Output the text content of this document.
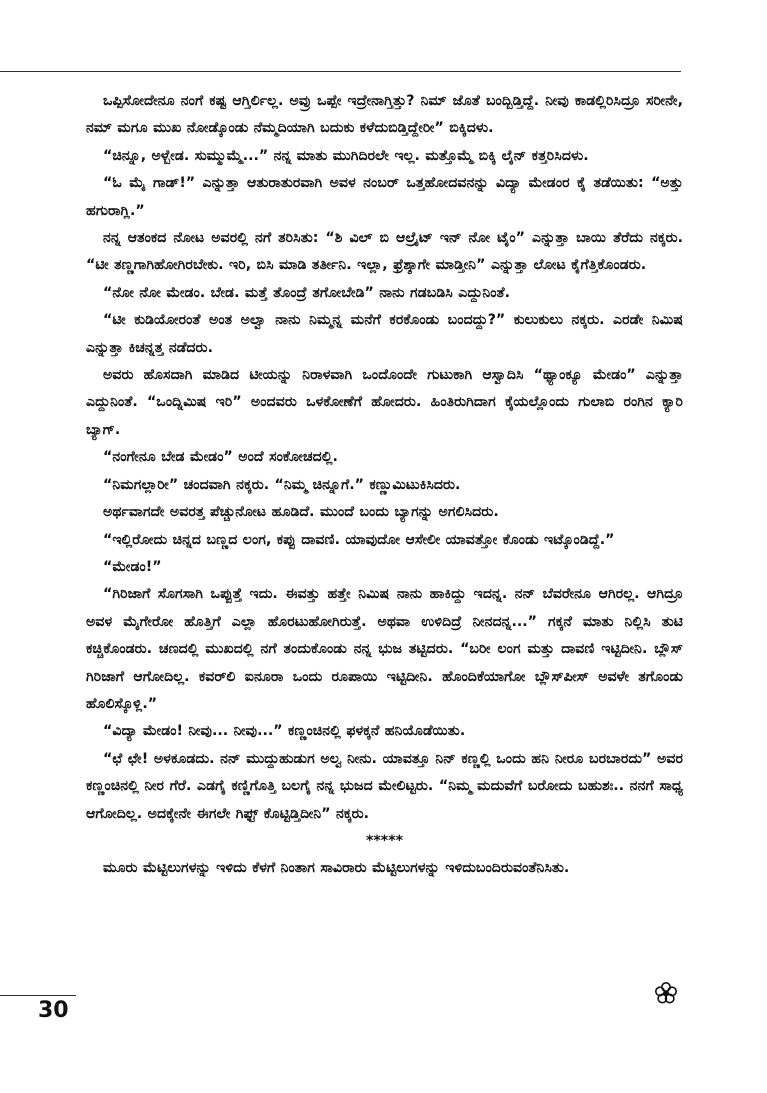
ಒಪ್ಪಿಸೋದೇನೂ ನಂಗೆ ಕಷ್ಟ ಆಗ್ತಿರ್ಲಿಲ್ಲ. ಅವ್ರು ಒಪ್ಪೇ ಇದ್ರೇನಾಗ್ತಿತ್ತು? ನಿಮ್ ಜೊತೆ ಬಂದ್ಬಿಡ್ತಿದ್ದೆ. ನೀವು ಕಾಡಲ್ಲಿರಿಸಿದ್ರೂ ಸರೀನೇ, ನಮ್ ಮಗೂ ಮುಖ ನೋಡ್ಕೊಂಡು ನೆಮ್ಮದಿಯಾಗಿ ಬದುಕು ಕಳೆದುಬಿಡ್ತಿದ್ದೇರೀ” ಬಿಕ್ಕಿದಳು.

“ಚಿನ್ನೂ, ಅಳ್ಬೇಡ. ಸುಮ್ಮುಮ್ಮೆ...” ನನ್ನ ಮಾತು ಮುಗಿದಿರಲೇ ಇಲ್ಲ. ಮತ್ತೊಮ್ಮೆ ಬಿಕ್ಕಿ ಲೈನ್ ಕತ್ತರಿಸಿದಳು.

“ಓ ಮೈ ಗಾಡ್!” ಎನ್ನುತ್ತಾ ಆತುರಾತುರವಾಗಿ ಅವಳ ನಂಬರ್ ಒತ್ತಹೋದವನನ್ನು ವಿದ್ಯಾ ಮೇಡಂರ ಕೈ ತಡೆಯಿತು: “ಅತ್ತು ಹಗುರಾಗ್ಲಿ.”

ನನ್ನ ಆತಂಕದ ನೋಟ ಅವರಲ್ಲಿ ನಗೆ ತರಿಸಿತು: “ಶಿ ವಿಲ್ ಬಿ ಆಲ್ರೈಟ್ ಇನ್ ನೋ ಟೈಂ” ಎನ್ನುತ್ತಾ ಬಾಯಿ ತೆರೆದು ನಕ್ಕರು. “ಟೀ ತಣ್ಣಗಾಗಿಹೋಗಿರಬೇಕು. ಇರಿ, ಬಿಸಿ ಮಾಡಿ ತರ್ತೀನಿ. ಇಲ್ಲಾ, ಫ್ರೆಶ್ಶಾಗೇ ಮಾಡ್ತೀನಿ” ಎನ್ನುತ್ತಾ ಲೋಟ ಕೈಗೆತ್ತಿಕೊಂಡರು.

“ನೋ ನೋ ಮೇಡಂ. ಬೇಡ. ಮತ್ತೆ ತೊಂದ್ರೆ ತಗೋಬೇಡಿ” ನಾನು ಗಡಬಡಿಸಿ ಎದ್ದುನಿಂತೆ.

“ಟೀ ಕುಡಿಯೋರಂತೆ ಅಂತ ಅಲ್ವಾ ನಾನು ನಿಮ್ಮನ್ನ ಮನೆಗೆ ಕರಕೊಂಡು ಬಂದದ್ದು?” ಕುಲುಕುಲು ನಕ್ಕರು. ಎರಡೇ ನಿಮಿಷ ಎನ್ನುತ್ತಾ ಕಿಚನ್ನತ್ತ ನಡೆದರು.

ಅವರು ಹೊಸದಾಗಿ ಮಾಡಿದ ಟೀಯನ್ನು ನಿರಾಳವಾಗಿ ಒಂದೊಂದೇ ಗುಟುಕಾಗಿ ಆಸ್ವಾದಿಸಿ “ಥ್ಯಾಂಕ್ಯೂ ಮೇಡಂ” ಎನ್ನುತ್ತಾ ಎದ್ದುನಿಂತೆ. “ಒಂದ್ನಿಮಿಷ ಇರಿ” ಅಂದವರು ಒಳಕೋಣೆಗೆ ಹೋದರು. ಹಿಂತಿರುಗಿದಾಗ ಕೈಯಲ್ಲೊಂದು ಗುಲಾಬಿ ರಂಗಿನ ಕ್ಯಾರಿ ಬ್ಯಾಗ್.

“ನಂಗೇನೂ ಬೇಡ ಮೇಡಂ” ಅಂದೆ ಸಂಕೋಚದಲ್ಲಿ.

“ನಿಮಗಲ್ಲಾರೀ” ಚಂದವಾಗಿ ನಕ್ಕರು. “ನಿಮ್ಮ ಚಿನ್ನೂಗೆ.” ಕಣ್ಣುಮಿಟುಕಿಸಿದರು.

ಅರ್ಥವಾಗದೇ ಅವರತ್ತ ಪೆಚ್ಚುನೋಟ ಹೂಡಿದೆ. ಮುಂದೆ ಬಂದು ಬ್ಯಾಗನ್ನು ಅಗಲಿಸಿದರು.

“ಇಲ್ಲಿರೋದು ಚಿನ್ನದ ಬಣ್ಣದ ಲಂಗ, ಕಪ್ಪು ದಾವಣಿ. ಯಾವುದೋ ಆಸೇಲೀ ಯಾವತ್ತೋ ಕೊಂಡು ಇಟ್ಕೊಂಡಿದ್ದೆ.”

“ಮೇಡಂ!”

“ಗಿರಿಜಾಗೆ ಸೊಗಸಾಗಿ ಒಪ್ಪುತ್ತೆ ಇದು. ಈವತ್ತು ಹತ್ತೇ ನಿಮಿಷ ನಾನು ಹಾಕಿದ್ದು ಇದನ್ನ. ನನ್ ಬೆವರೇನೂ ಆಗಿರಲ್ಲ. ಆಗಿದ್ರೂ ಅವಳ ಮೈಗೇರೋ ಹೊತ್ತಿಗೆ ಎಲ್ಲಾ ಹೊರಟುಹೋಗಿರುತ್ತೆ. ಅಥವಾ ಉಳಿದಿದ್ರೆ ನೀನದನ್ನ...” ಗಕ್ಕನೆ ಮಾತು ನಿಲ್ಲಿಸಿ ತುಟಿ ಕಚ್ಚಿಕೊಂಡರು. ಚಣದಲ್ಲಿ ಮುಖದಲ್ಲಿ ನಗೆ ತಂದುಕೊಂಡು ನನ್ನ ಭುಜ ತಟ್ಟಿದರು. “ಬರೀ ಲಂಗ ಮತ್ತು ದಾವಣಿ ಇಟ್ಟಿದೀನಿ. ಬ್ಲೌಸ್ ಗಿರಿಜಾಗೆ ಆಗೋದಿಲ್ಲ. ಕವರ್‌ಲಿ ಐನೂರಾ ಒಂದು ರೂಪಾಯಿ ಇಟ್ಟಿದೀನಿ. ಹೊಂದಿಕೆಯಾಗೋ ಬ್ಲೌಸ್‌ಪೀಸ್ ಅವಳೇ ತಗೊಂಡು ಹೊಲಿಸ್ಕೊಳ್ಲಿ.”

“ವಿದ್ಯಾ ಮೇಡಂ! ನೀವು... ನೀವು...” ಕಣ್ಣಂಚಿನಲ್ಲಿ ಫಳಕ್ಕನೆ ಹನಿಯೊಡೆಯಿತು.

“ಛೆ ಛೇ! ಅಳಕೂಡದು. ನನ್ ಮುದ್ದುಹುಡುಗ ಅಲ್ವ ನೀನು. ಯಾವತ್ತೂ ನಿನ್ ಕಣ್ಣಲ್ಲಿ ಒಂದು ಹನಿ ನೀರೂ ಬರಬಾರದು” ಅವರ ಕಣ್ಣಂಚಿನಲ್ಲಿ ನೀರ ಗೆರೆ. ಎಡಗೈ ಕಣ್ಣಿಗೊತ್ತಿ ಬಲಗೈ ನನ್ನ ಭುಜದ ಮೇಲಿಟ್ಟರು. “ನಿಮ್ಮ ಮದುವೆಗೆ ಬರೋದು ಬಹುಶಃ.. ನನಗೆ ಸಾಧ್ಯ ಆಗೋದಿಲ್ಲ. ಅದಕ್ಕೇನೇ ಈಗಲೇ ಗಿಫ್ಟ್ ಕೊಟ್ಟಿಡ್ತಿದೀನಿ” ನಕ್ಕರು.

*****

ಮೂರು ಮೆಟ್ಟಿಲುಗಳನ್ನು ಇಳಿದು ಕೆಳಗೆ ನಿಂತಾಗ ಸಾವಿರಾರು ಮೆಟ್ಟಿಲುಗಳನ್ನು ಇಳಿದುಬಂದಿರುವಂತೆನಿಸಿತು.

30
